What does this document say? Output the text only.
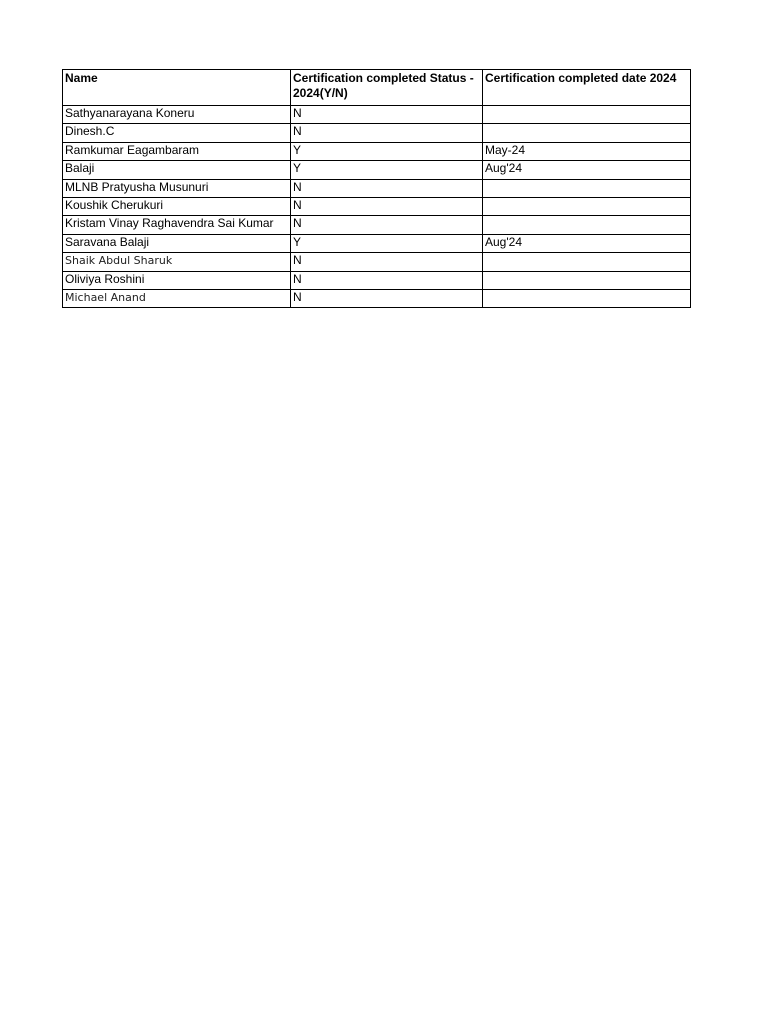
Name	Certification completed Status - 2024(Y/N)	Certification completed date 2024
Sathyanarayana Koneru	N	
Dinesh.C	N	
Ramkumar Eagambaram	Y	May-24
Balaji	Y	Aug'24
MLNB Pratyusha Musunuri	N	
Koushik Cherukuri	N	
Kristam Vinay Raghavendra Sai Kumar	N	
Saravana Balaji	Y	Aug'24
Shaik Abdul Sharuk	N	
Oliviya Roshini	N	
Michael Anand	N	
